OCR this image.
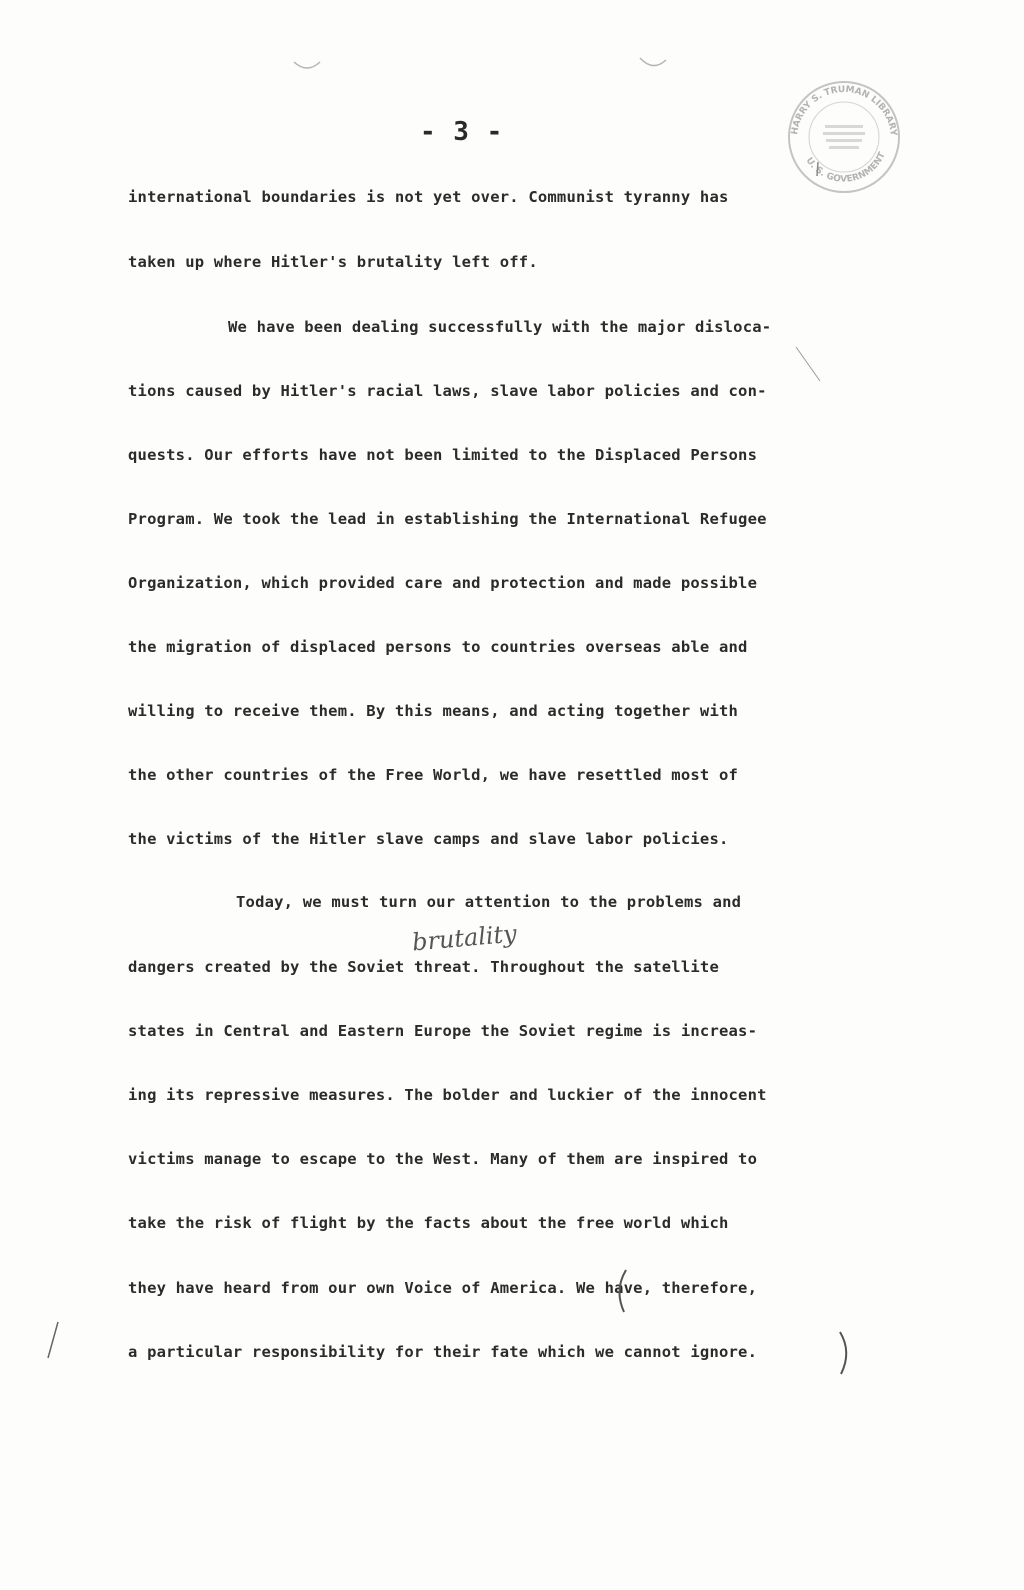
HARRY S. TRUMAN LIBRARY
U. S. GOVERNMENT
- 3 -
international boundaries is not yet over. Communist tyranny has
taken up where Hitler's brutality left off.
We have been dealing successfully with the major disloca-
tions caused by Hitler's racial laws, slave labor policies and con-
quests. Our efforts have not been limited to the Displaced Persons
Program. We took the lead in establishing the International Refugee
Organization, which provided care and protection and made possible
the migration of displaced persons to countries overseas able and
willing to receive them. By this means, and acting together with
the other countries of the Free World, we have resettled most of
the victims of the Hitler slave camps and slave labor policies.
Today, we must turn our attention to the problems and
brutality
dangers created by the Soviet threat. Throughout the satellite
states in Central and Eastern Europe the Soviet regime is increas-
ing its repressive measures. The bolder and luckier of the innocent
victims manage to escape to the West. Many of them are inspired to
take the risk of flight by the facts about the free world which
they have heard from our own Voice of America. We have, therefore,
a particular responsibility for their fate which we cannot ignore.
